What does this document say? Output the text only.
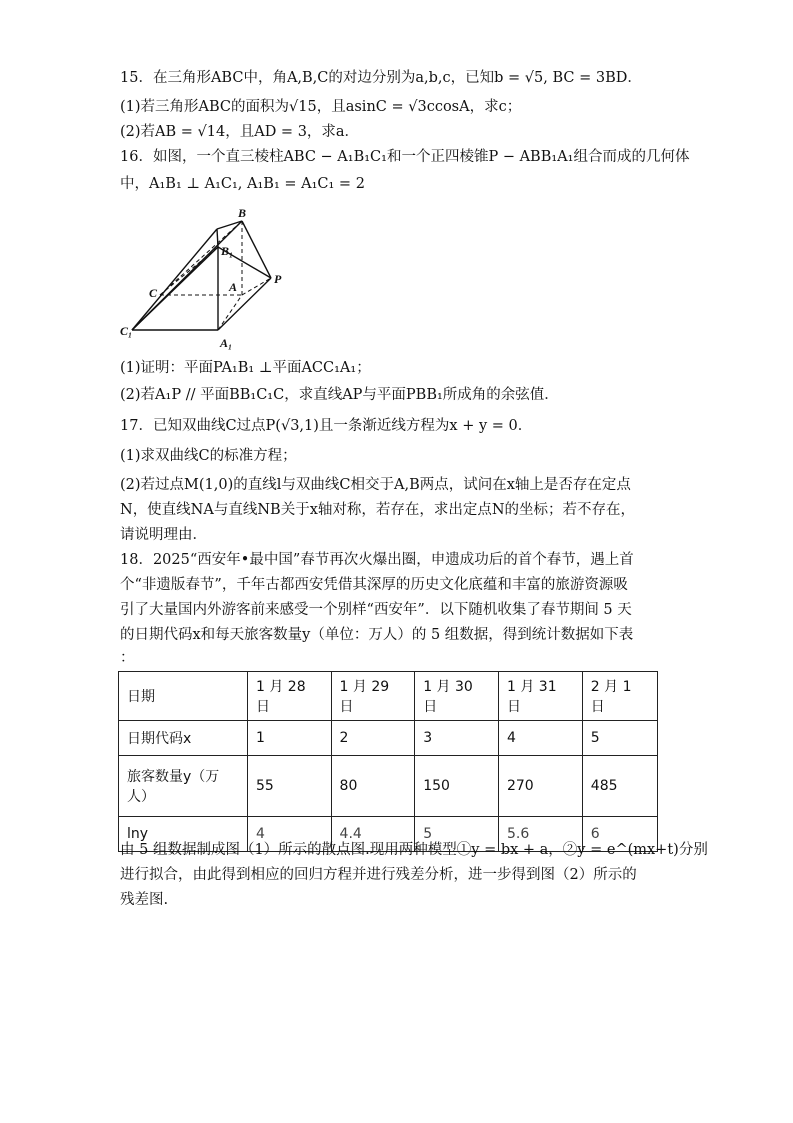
15．在三角形ABC中，角A,B,C的对边分别为a,b,c，已知b = √5, BC = 3BD．
(1)若三角形ABC的面积为√15，且asinC = √3ccosA，求c；
(2)若AB = √14，且AD = 3，求a．
16．如图，一个直三棱柱ABC − A₁B₁C₁和一个正四棱锥P − ABB₁A₁组合而成的几何体
中，A₁B₁ ⊥ A₁C₁, A₁B₁ = A₁C₁ = 2
B
B₁
C	A
P
C₁
A₁
(1)证明：平面PA₁B₁ ⊥平面ACC₁A₁；
(2)若A₁P // 平面BB₁C₁C，求直线AP与平面PBB₁所成角的余弦值．
17．已知双曲线C过点P(√3,1)且一条渐近线方程为x + y = 0．
(1)求双曲线C的标准方程；
(2)若过点M(1,0)的直线l与双曲线C相交于A,B两点，试问在x轴上是否存在定点
N，使直线NA与直线NB关于x轴对称，若存在，求出定点N的坐标；若不存在，
请说明理由．
18．2025“西安年•最中国”春节再次火爆出圈，申遗成功后的首个春节，遇上首
个“非遗版春节”，千年古都西安凭借其深厚的历史文化底蕴和丰富的旅游资源吸
引了大量国内外游客前来感受一个别样“西安年”．以下随机收集了春节期间 5 天
的日期代码x和每天旅客数量y（单位：万人）的 5 组数据，得到统计数据如下表
：
日期	1 月 28 日	1 月 29 日	1 月 30 日	1 月 31 日	2 月 1 日
日期代码x	1	2	3	4	5
旅客数量y（万人）	55	80	150	270	485
lny	4	4.4	5	5.6	6
由 5 组数据制成图（1）所示的散点图.现用两种模型①y = bx + a，②y = e^(mx+t)分别
进行拟合，由此得到相应的回归方程并进行残差分析，进一步得到图（2）所示的
残差图.
